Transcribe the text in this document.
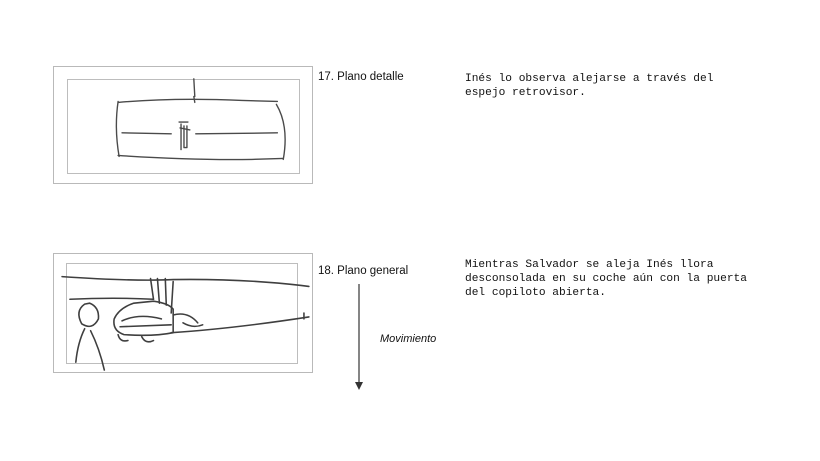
17. Plano detalle	Inés lo observa alejarse a través del
espejo retrovisor.
18. Plano general	Mientras Salvador se aleja Inés llora
desconsolada en su coche aún con la puerta
del copiloto abierta.
Movimiento
